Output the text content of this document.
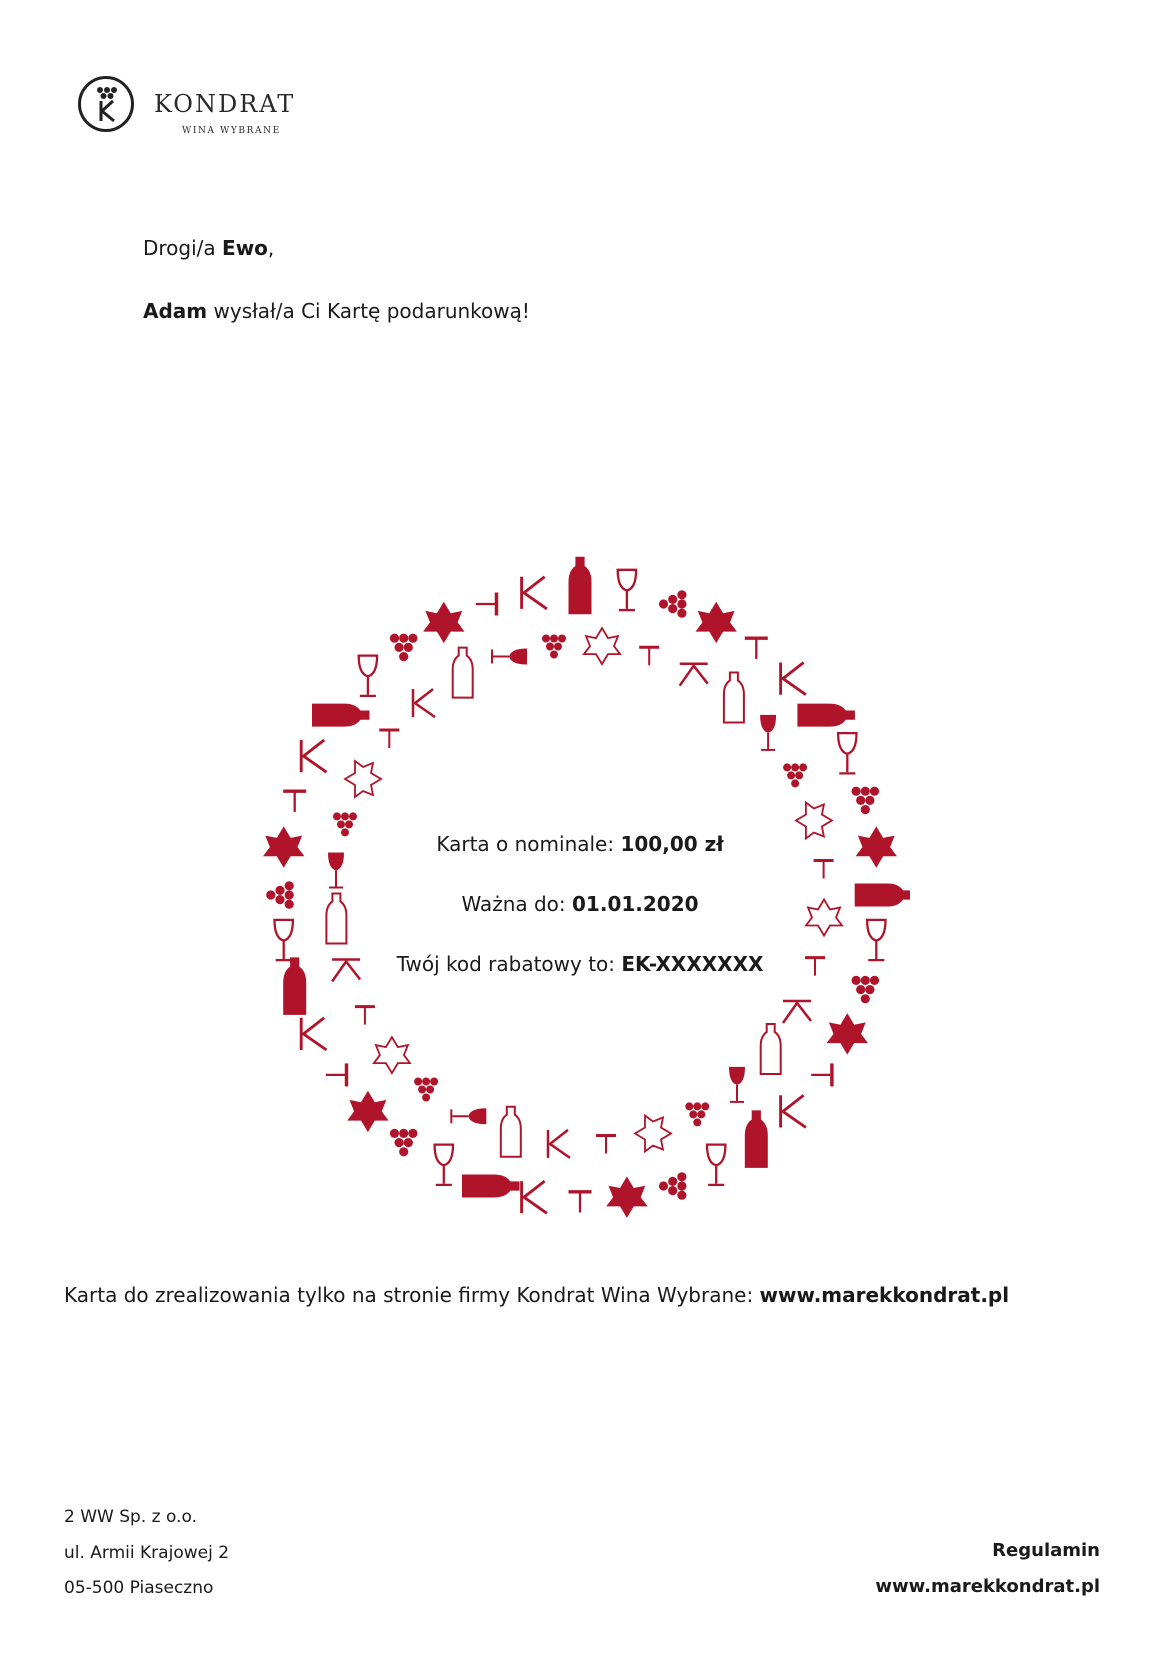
KONDRAT
WINA WYBRANE
Drogi/a Ewo,
Adam wysłał/a Ci Kartę podarunkową!
Karta o nominale: 100,00 zł
Ważna do: 01.01.2020
Twój kod rabatowy to: EK-XXXXXXX
Karta do zrealizowania tylko na stronie firmy Kondrat Wina Wybrane: www.marekkondrat.pl
2 WW Sp. z o.o.
ul. Armii Krajowej 2
05-500 Piaseczno
Regulamin
www.marekkondrat.pl
